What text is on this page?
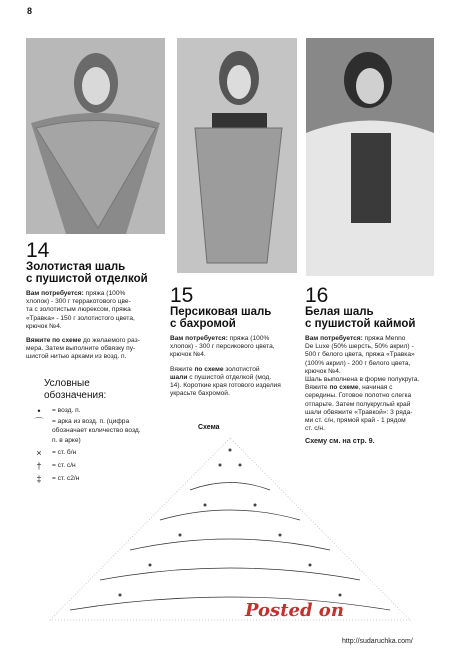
8
14
Золотистая шаль
с пушистой отделкой
Вам потребуется: пряжа (100%
хлопок) - 300 г терракотового цве-
та с золотистым люрексом, пряжа
«Травка» - 150 г золотистого цвета,
крючок №4.
Вяжите по схеме до желаемого раз-
мера. Затем выполните обвязку пу-
шистой нитью арками из возд. п.
15
Персиковая шаль
с бахромой
Вам потребуется: пряжа (100%
хлопок) - 300 г персикового цвета,
крючок №4.
Вяжите по схеме золотистой
шали с пушистой отделкой (мод.
14). Короткие края готового изделия
украсьте бахромой.
16
Белая шаль
с пушистой каймой
Вам потребуется: пряжа Menno
De Luxe (50% шерсть, 50% акрил) -
500 г белого цвета, пряжа «Травка»
(100% акрил) - 200 г белого цвета,
крючок №4.
Шаль выполнена в форме полукруга.
Вяжите по схеме, начиная с
середины. Готовое полотно слегка
отпарьте. Затем полукруглый край
шали обвяжите «Травкой»: 3 ряда-
ми ст. с/н, прямой край - 1 рядом
ст. с/н.
Схему см. на стр. 9.
Условные
обозначения:
•	= возд. п.
⌒	= арка из возд. п. (цифра
обозначает количество возд.
п. в арке)
×	= ст. б/н
†	= ст. с/н
‡	= ст. с2/н
Схема
Posted on
http://sudaruchka.com/
